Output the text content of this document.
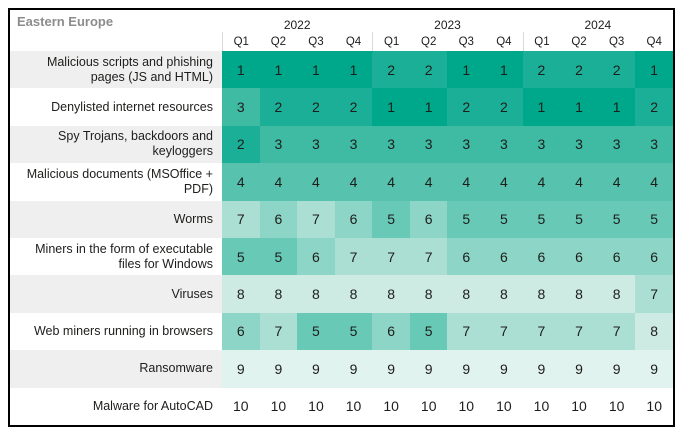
Eastern Europe	2022	2023	2024
Q1	Q2	Q3	Q4	Q1	Q2	Q3	Q4	Q1	Q2	Q3	Q4
Malicious scripts and phishing pages (JS and HTML)	1	1	1	1	2	2	1	1	2	2	2	1
Denylisted internet resources	3	2	2	2	1	1	2	2	1	1	1	2
Spy Trojans, backdoors and keyloggers	2	3	3	3	3	3	3	3	3	3	3	3
Malicious documents (MSOffice + PDF)	4	4	4	4	4	4	4	4	4	4	4	4
Worms	7	6	7	6	5	6	5	5	5	5	5	5
Miners in the form of executable files for Windows	5	5	6	7	7	7	6	6	6	6	6	6
Viruses	8	8	8	8	8	8	8	8	8	8	8	7
Web miners running in browsers	6	7	5	5	6	5	7	7	7	7	7	8
Ransomware	9	9	9	9	9	9	9	9	9	9	9	9
Malware for AutoCAD	10	10	10	10	10	10	10	10	10	10	10	10
